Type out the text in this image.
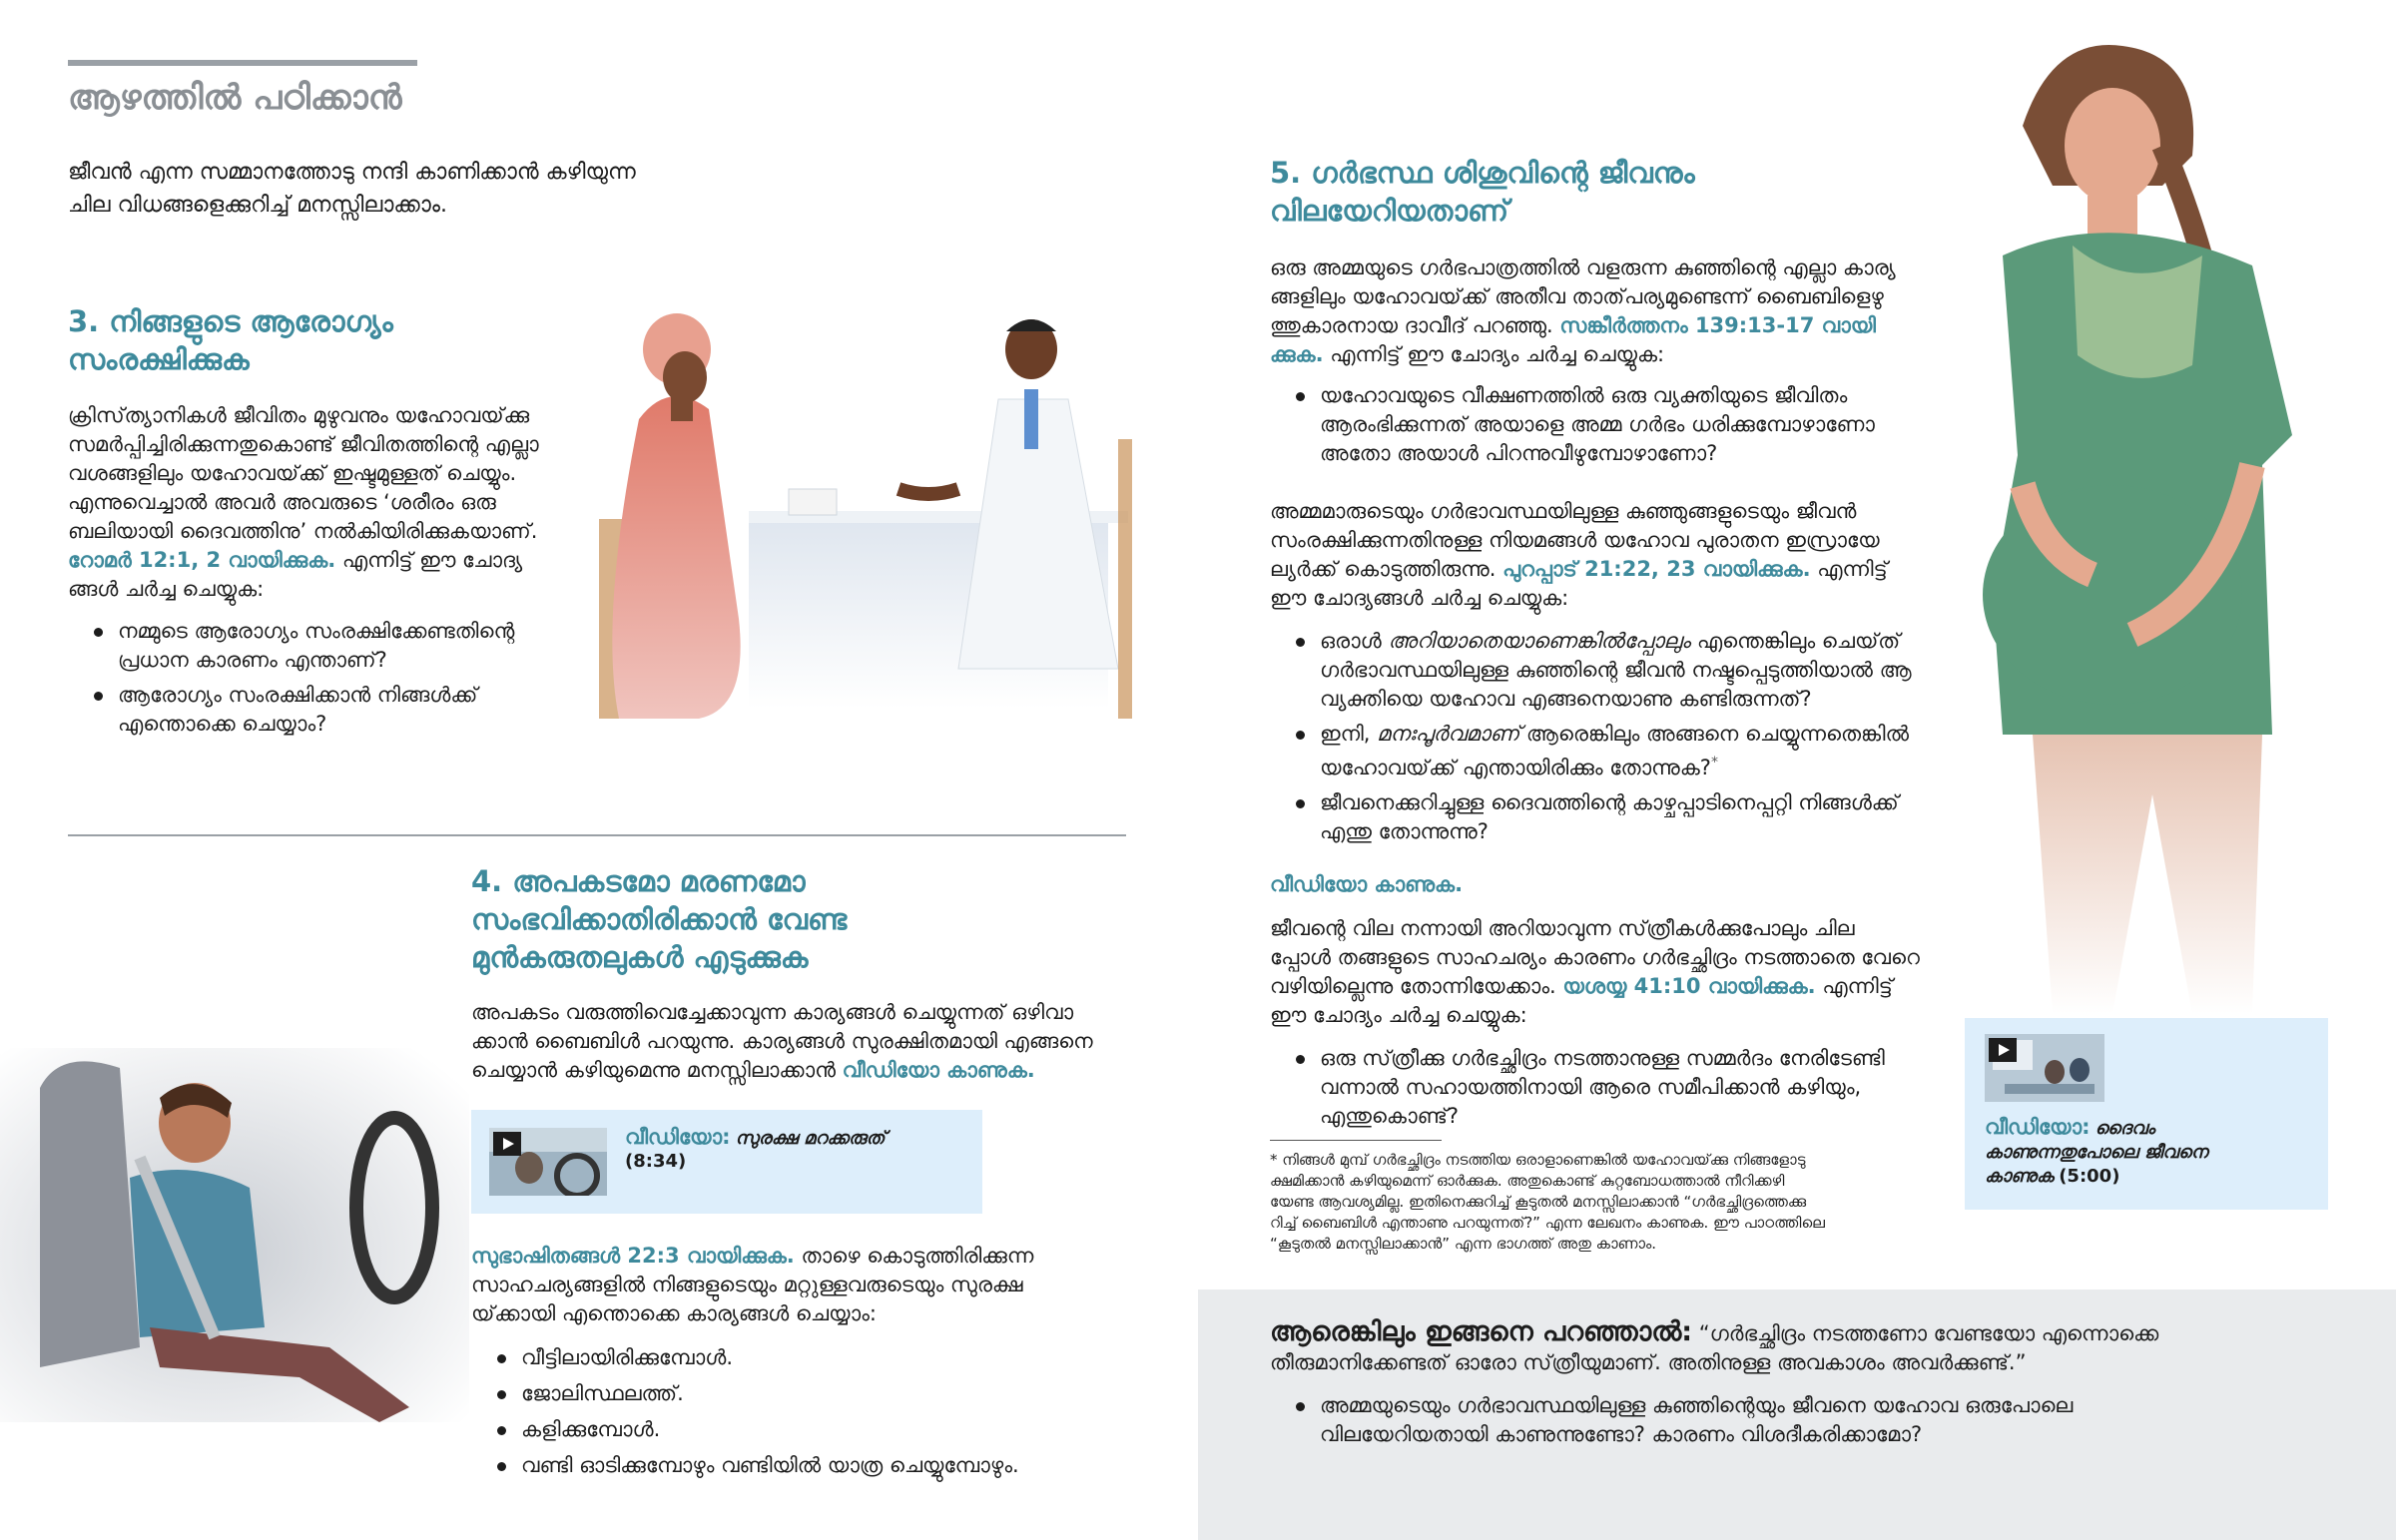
ആഴത്തിൽ പഠിക്കാൻ
ജീവൻ എന്ന സമ്മാനത്തോടു നന്ദി കാണിക്കാൻ കഴിയുന്ന
ചില വിധങ്ങളെക്കുറിച്ച് മനസ്സിലാക്കാം.
3. നിങ്ങളുടെ ആരോഗ്യം
സംരക്ഷിക്കുക
ക്രിസ്‌ത്യാനികൾ ജീവിതം മുഴുവനും യഹോവയ്‌ക്കു
സമർപ്പിച്ചിരിക്കുന്നതുകൊണ്ട് ജീവിതത്തിന്റെ എല്ലാ
വശങ്ങളിലും യഹോവയ്‌ക്ക് ഇഷ്ടമുള്ളത് ചെയ്യും.
എന്നുവെച്ചാൽ അവർ അവരുടെ ‘ശരീരം ഒരു
ബലിയായി ദൈവത്തിനു’ നൽകിയിരിക്കുകയാണ്.
റോമർ 12:1, 2 വായിക്കുക. എന്നിട്ട് ഈ ചോദ്യ
ങ്ങൾ ചർച്ച ചെയ്യുക:
നമ്മുടെ ആരോഗ്യം സംരക്ഷിക്കേണ്ടതിന്റെ പ്രധാന കാരണം എന്താണ്?
ആരോഗ്യം സംരക്ഷിക്കാൻ നിങ്ങൾക്ക് എന്തൊക്കെ ചെയ്യാം?
4. അപകടമോ മരണമോ
സംഭവിക്കാതിരിക്കാൻ വേണ്ട
മുൻകരുതലുകൾ എടുക്കുക
അപകടം വരുത്തിവെച്ചേക്കാവുന്ന കാര്യങ്ങൾ ചെയ്യുന്നത് ഒഴിവാ
ക്കാൻ ബൈബിൾ പറയുന്നു. കാര്യങ്ങൾ സുരക്ഷിതമായി എങ്ങനെ
ചെയ്യാൻ കഴിയുമെന്നു മനസ്സിലാക്കാൻ വീഡിയോ കാണുക.
വീഡിയോ: സുരക്ഷ മറക്കരുത്
(8:34)
സുഭാഷിതങ്ങൾ 22:3 വായിക്കുക. താഴെ കൊടുത്തിരിക്കുന്ന
സാഹചര്യങ്ങളിൽ നിങ്ങളുടെയും മറ്റുള്ളവരുടെയും സുരക്ഷ
യ്‌ക്കായി എന്തൊക്കെ കാര്യങ്ങൾ ചെയ്യാം:
വീട്ടിലായിരിക്കുമ്പോൾ.
ജോലിസ്ഥലത്ത്.
കളിക്കുമ്പോൾ.
വണ്ടി ഓടിക്കുമ്പോഴും വണ്ടിയിൽ യാത്ര ചെയ്യുമ്പോഴും.
5. ഗർഭസ്ഥ ശിശുവിന്റെ ജീവനും
വിലയേറിയതാണ്
ഒരു അമ്മയുടെ ഗർഭപാത്രത്തിൽ വളരുന്ന കുഞ്ഞിന്റെ എല്ലാ കാര്യ
ങ്ങളിലും യഹോവയ്‌ക്ക് അതീവ താത്‌പര്യമുണ്ടെന്ന് ബൈബിളെഴു
ത്തുകാരനായ ദാവീദ് പറഞ്ഞു. സങ്കീർത്തനം 139:13-17 വായി
ക്കുക. എന്നിട്ട് ഈ ചോദ്യം ചർച്ച ചെയ്യുക:
യഹോവയുടെ വീക്ഷണത്തിൽ ഒരു വ്യക്തിയുടെ ജീവിതം ആരംഭിക്കുന്നത് അയാളെ അമ്മ ഗർഭം ധരിക്കുമ്പോഴാണോ അതോ അയാൾ പിറന്നുവീഴുമ്പോഴാണോ?
അമ്മമാരുടെയും ഗർഭാവസ്ഥയിലുള്ള കുഞ്ഞുങ്ങളുടെയും ജീവൻ
സംരക്ഷിക്കുന്നതിനുള്ള നിയമങ്ങൾ യഹോവ പുരാതന ഇസ്രായേ
ല്യർക്ക് കൊടുത്തിരുന്നു. പുറപ്പാട് 21:22, 23 വായിക്കുക. എന്നിട്ട്
ഈ ചോദ്യങ്ങൾ ചർച്ച ചെയ്യുക:
ഒരാൾ അറിയാതെയാണെങ്കിൽപ്പോലും എന്തെങ്കിലും ചെയ്‌ത് ഗർഭാവസ്ഥയിലുള്ള കുഞ്ഞിന്റെ ജീവൻ നഷ്ടപ്പെടുത്തിയാൽ ആ വ്യക്തിയെ യഹോവ എങ്ങനെയാണു കണ്ടിരുന്നത്?
ഇനി, മനഃപൂർവമാണ് ആരെങ്കിലും അങ്ങനെ ചെയ്യുന്നതെങ്കിൽ യഹോവയ്‌ക്ക് എന്തായിരിക്കും തോന്നുക?*
ജീവനെക്കുറിച്ചുള്ള ദൈവത്തിന്റെ കാഴ്ചപ്പാടിനെപ്പറ്റി നിങ്ങൾക്ക് എന്തു തോന്നുന്നു?
വീഡിയോ കാണുക.
ജീവന്റെ വില നന്നായി അറിയാവുന്ന സ്‌ത്രീകൾക്കുപോലും ചില
പ്പോൾ തങ്ങളുടെ സാഹചര്യം കാരണം ഗർഭച്ഛിദ്രം നടത്താതെ വേറെ
വഴിയില്ലെന്നു തോന്നിയേക്കാം. യശയ്യ 41:10 വായിക്കുക. എന്നിട്ട്
ഈ ചോദ്യം ചർച്ച ചെയ്യുക:
ഒരു സ്‌ത്രീക്കു ഗർഭച്ഛിദ്രം നടത്താനുള്ള സമ്മർദം നേരിടേണ്ടി വന്നാൽ സഹായത്തിനായി ആരെ സമീപിക്കാൻ കഴിയും, എന്തുകൊണ്ട്?
* നിങ്ങൾ മുമ്പ് ഗർഭച്ഛിദ്രം നടത്തിയ ഒരാളാണെങ്കിൽ യഹോവയ്‌ക്കു നിങ്ങളോടു
ക്ഷമിക്കാൻ കഴിയുമെന്ന് ഓർക്കുക. അതുകൊണ്ട് കുറ്റബോധത്താൽ നീറിക്കഴി
യേണ്ട ആവശ്യമില്ല. ഇതിനെക്കുറിച്ച് കൂടുതൽ മനസ്സിലാക്കാൻ “ഗർഭച്ഛിദ്രത്തെക്കു
റിച്ച് ബൈബിൾ എന്താണു പറയുന്നത്?” എന്ന ലേഖനം കാണുക. ഈ പാഠത്തിലെ
“കൂടുതൽ മനസ്സിലാക്കാൻ” എന്ന ഭാഗത്ത് അതു കാണാം.
വീഡിയോ: ദൈവം
കാണുന്നതുപോലെ ജീവനെ
കാണുക (5:00)
ആരെങ്കിലും ഇങ്ങനെ പറഞ്ഞാൽ: “ഗർഭച്ഛിദ്രം നടത്തണോ വേണ്ടയോ എന്നൊക്കെ
തീരുമാനിക്കേണ്ടത് ഓരോ സ്‌ത്രീയുമാണ്. അതിനുള്ള അവകാശം അവർക്കുണ്ട്.”
അമ്മയുടെയും ഗർഭാവസ്ഥയിലുള്ള കുഞ്ഞിന്റെയും ജീവനെ യഹോവ ഒരുപോലെ വിലയേറിയതായി കാണുന്നുണ്ടോ? കാരണം വിശദീകരിക്കാമോ?
